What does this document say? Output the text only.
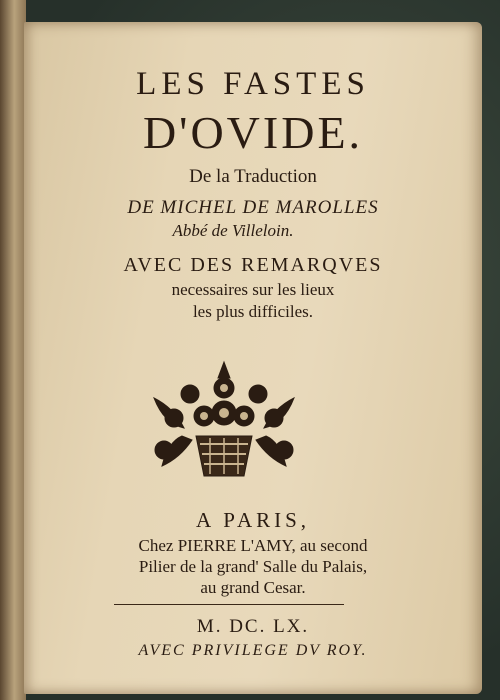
LES FASTES
D'OVIDE.
De la Traduction
DE MICHEL DE MAROLLES
Abbé de Villeloin.
AVEC DES REMARQVES
necessaires sur les lieux
les plus difficiles.
A PARIS,
Chez PIERRE L'AMY, au second
Pilier de la grand' Salle du Palais,
au grand Cesar.
M. DC. LX.
AVEC PRIVILEGE DV ROY.
